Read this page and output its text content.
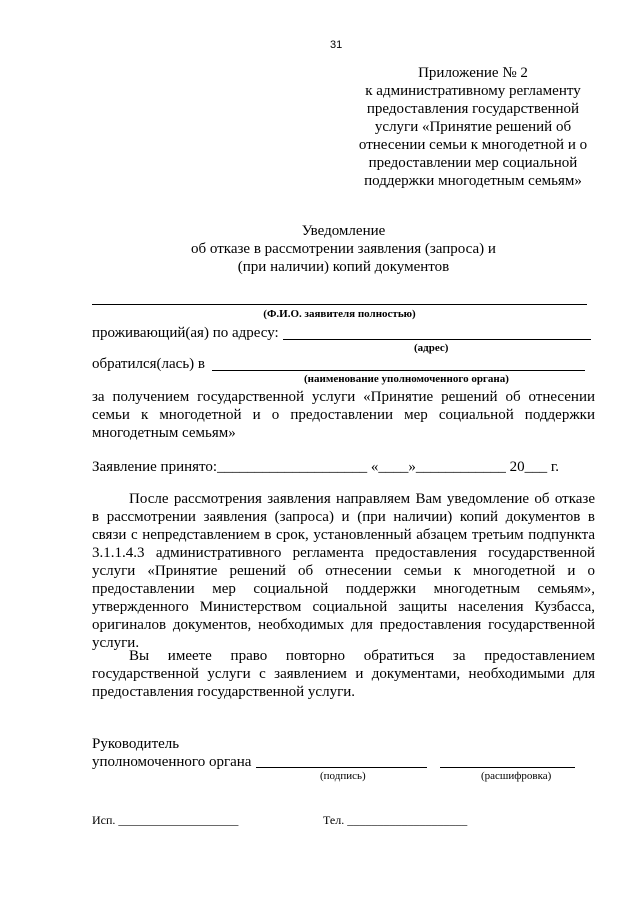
31
Приложение № 2
к административному регламенту
предоставления государственной
услуги «Принятие решений об
отнесении семьи к многодетной и о
предоставлении мер социальной
поддержки многодетным семьям»
Уведомление
об отказе в рассмотрении заявления (запроса) и
(при наличии) копий документов
(Ф.И.О. заявителя полностью)
проживающий(ая) по адресу:
(адрес)
обратился(лась) в
(наименование уполномоченного органа)
за получением государственной услуги «Принятие решений об отнесении
семьи к многодетной и о предоставлении мер социальной поддержки
многодетным семьям»
Заявление принято:____________________ «____»____________ 20___ г.
После рассмотрения заявления направляем Вам уведомление об отказе
в рассмотрении заявления (запроса) и (при наличии) копий документов в
связи с непредставлением в срок, установленный абзацем третьим подпункта
3.1.1.4.3 административного регламента предоставления государственной
услуги «Принятие решений об отнесении семьи к многодетной и о
предоставлении мер социальной поддержки многодетным семьям»,
утвержденного Министерством социальной защиты населения Кузбасса,
оригиналов документов, необходимых для предоставления государственной
услуги.
Вы имеете право повторно обратиться за предоставлением
государственной услуги с заявлением и документами, необходимыми для
предоставления государственной услуги.
Руководитель
уполномоченного органа
(подпись)	(расшифровка)
Исп. ____________________	Тел. ____________________
